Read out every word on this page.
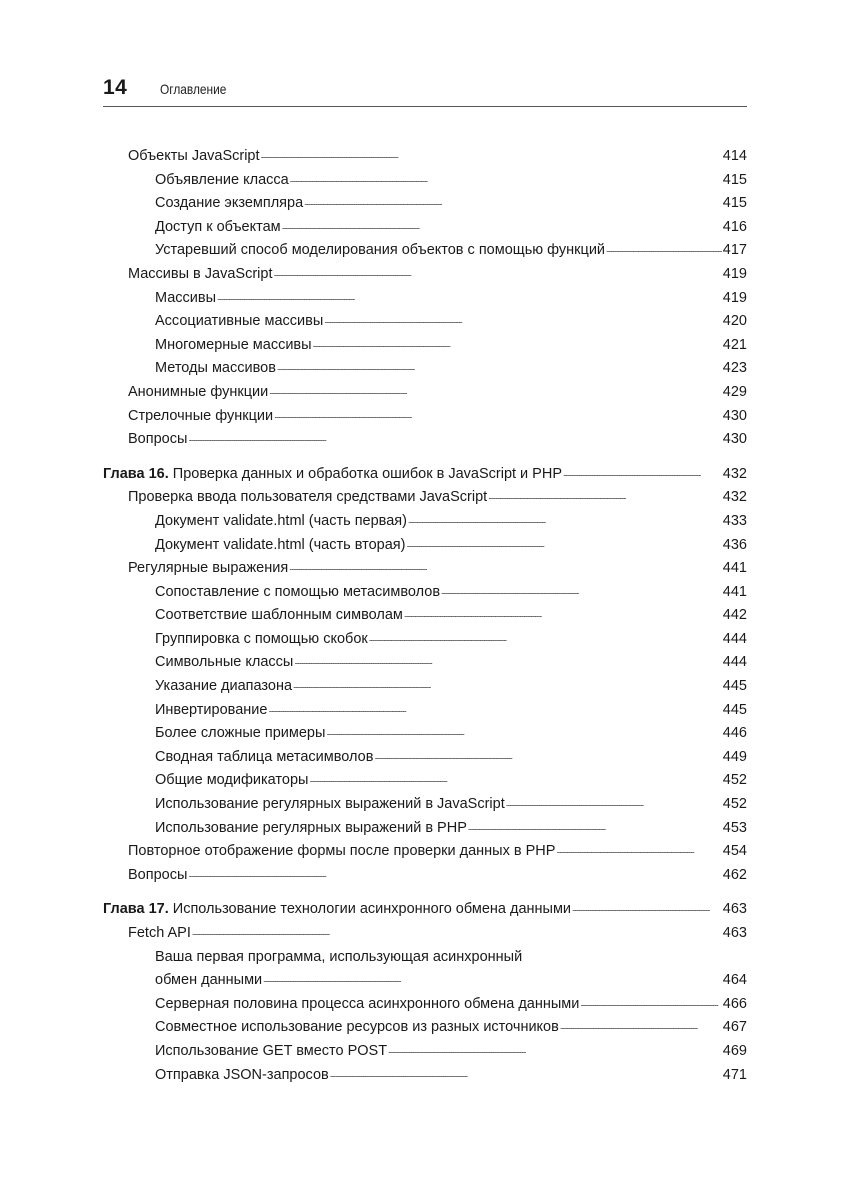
14 Оглавление
Объекты JavaScript . . .	414
Объявление класса . . .	415
Создание экземпляра . . .	415
Доступ к объектам . . .	416
Устаревший способ моделирования объектов с помощью функций . . .	417
Массивы в JavaScript . . .	419
Массивы . . .	419
Ассоциативные массивы . . .	420
Многомерные массивы . . .	421
Методы массивов . . .	423
Анонимные функции . . .	429
Стрелочные функции . . .	430
Вопросы . . .	430
Глава 16. Проверка данных и обработка ошибок в JavaScript и PHP . . .	432
Проверка ввода пользователя средствами JavaScript . . .	432
Документ validate.html (часть первая) . . .	433
Документ validate.html (часть вторая) . . .	436
Регулярные выражения . . .	441
Сопоставление с помощью метасимволов . . .	441
Соответствие шаблонным символам . . .	442
Группировка с помощью скобок . . .	444
Символьные классы . . .	444
Указание диапазона . . .	445
Инвертирование . . .	445
Более сложные примеры . . .	446
Сводная таблица метасимволов . . .	449
Общие модификаторы . . .	452
Использование регулярных выражений в JavaScript . . .	452
Использование регулярных выражений в PHP . . .	453
Повторное отображение формы после проверки данных в PHP . . .	454
Вопросы . . .	462
Глава 17. Использование технологии асинхронного обмена данными . . .	463
Fetch API . . .	463
Ваша первая программа, использующая асинхронный
обмен данными . . .	464
Серверная половина процесса асинхронного обмена данными . . .	466
Совместное использование ресурсов из разных источников . . .	467
Использование GET вместо POST . . .	469
Отправка JSON-запросов . . .	471
